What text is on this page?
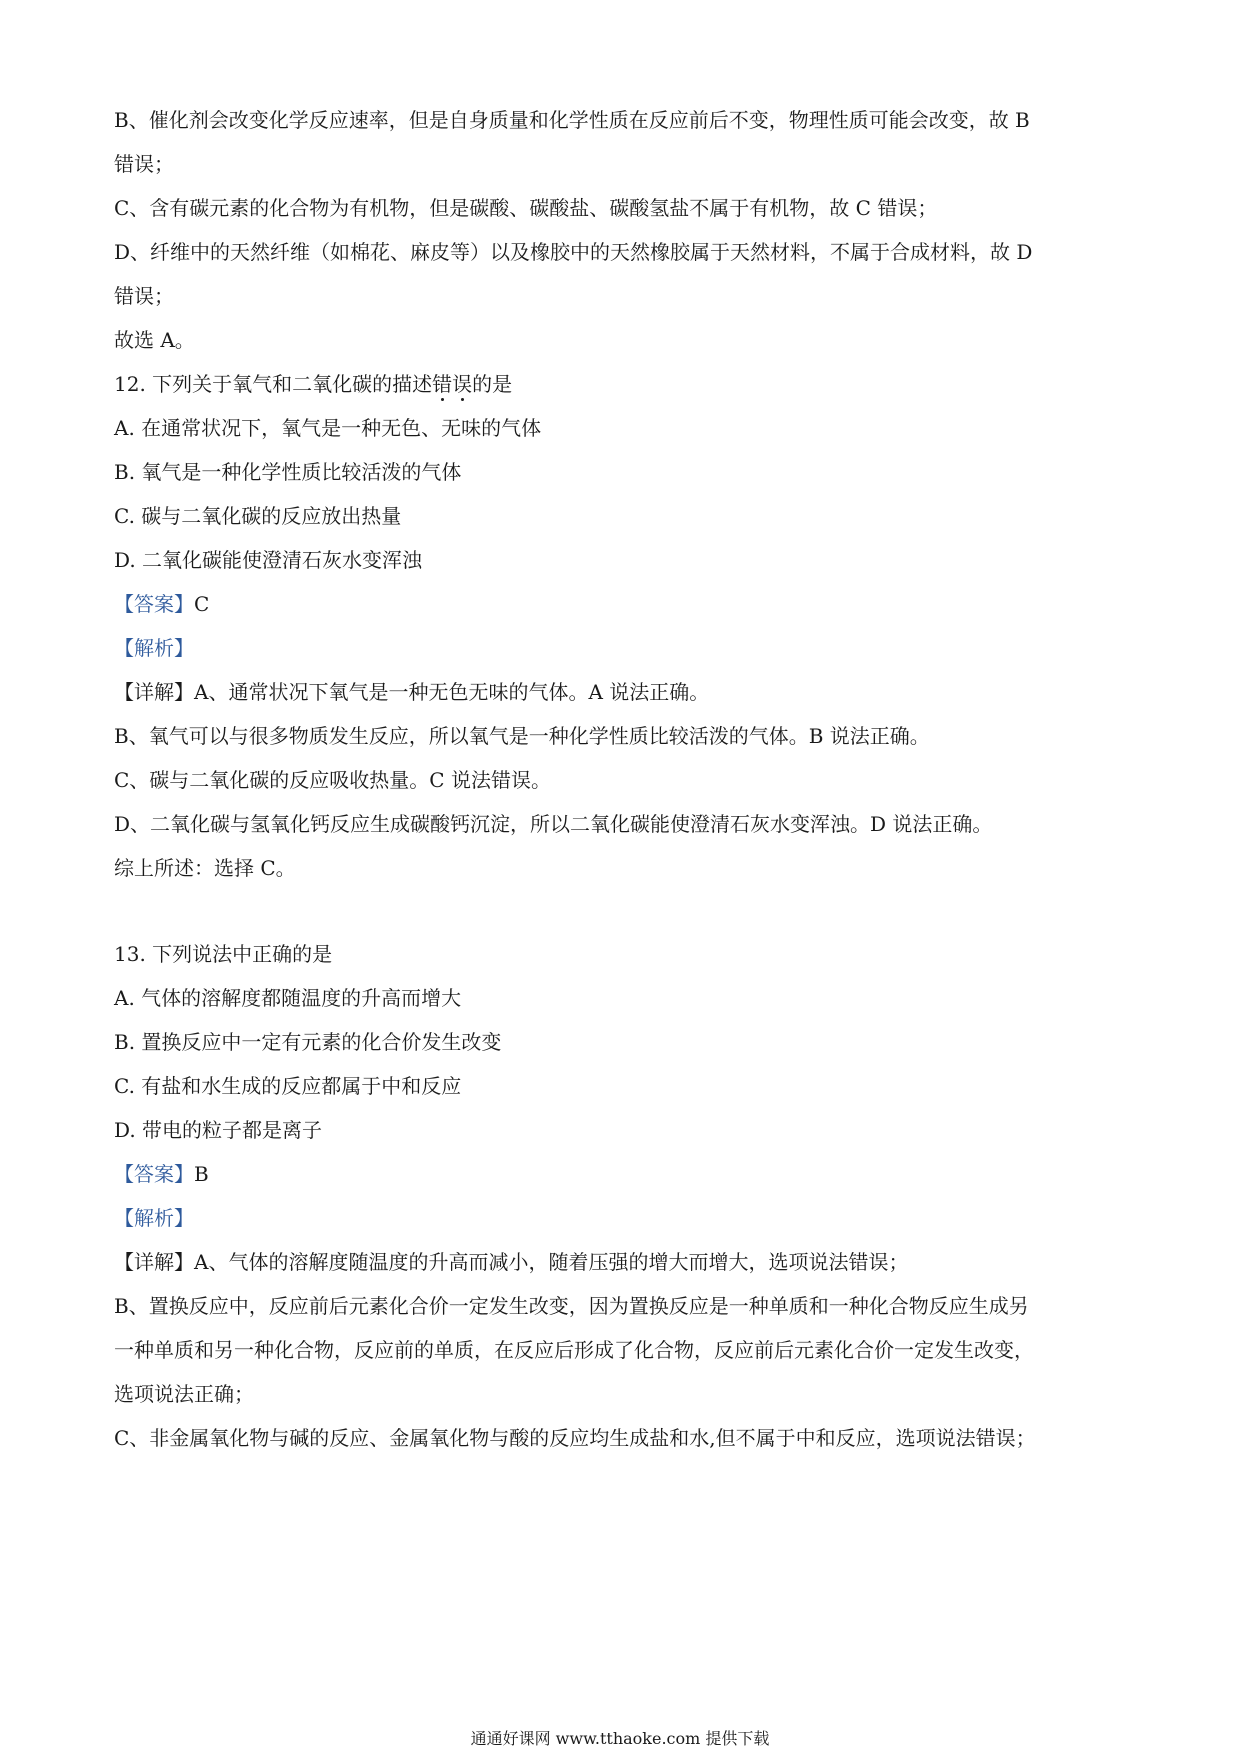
B、催化剂会改变化学反应速率，但是自身质量和化学性质在反应前后不变，物理性质可能会改变，故 B
错误；
C、含有碳元素的化合物为有机物，但是碳酸、碳酸盐、碳酸氢盐不属于有机物，故 C 错误；
D、纤维中的天然纤维（如棉花、麻皮等）以及橡胶中的天然橡胶属于天然材料，不属于合成材料，故 D
错误；
故选 A。
12. 下列关于氧气和二氧化碳的描述错误的是
A. 在通常状况下，氧气是一种无色、无味的气体
B. 氧气是一种化学性质比较活泼的气体
C. 碳与二氧化碳的反应放出热量
D. 二氧化碳能使澄清石灰水变浑浊
【答案】C
【解析】
【详解】A、通常状况下氧气是一种无色无味的气体。A 说法正确。
B、氧气可以与很多物质发生反应，所以氧气是一种化学性质比较活泼的气体。B 说法正确。
C、碳与二氧化碳的反应吸收热量。C 说法错误。
D、二氧化碳与氢氧化钙反应生成碳酸钙沉淀，所以二氧化碳能使澄清石灰水变浑浊。D 说法正确。
综上所述：选择 C。
13. 下列说法中正确的是
A. 气体的溶解度都随温度的升高而增大
B. 置换反应中一定有元素的化合价发生改变
C. 有盐和水生成的反应都属于中和反应
D. 带电的粒子都是离子
【答案】B
【解析】
【详解】A、气体的溶解度随温度的升高而减小，随着压强的增大而增大，选项说法错误；
B、置换反应中，反应前后元素化合价一定发生改变，因为置换反应是一种单质和一种化合物反应生成另
一种单质和另一种化合物，反应前的单质，在反应后形成了化合物，反应前后元素化合价一定发生改变，
选项说法正确；
C、非金属氧化物与碱的反应、金属氧化物与酸的反应均生成盐和水,但不属于中和反应，选项说法错误；
通通好课网 www.tthaoke.com 提供下载
